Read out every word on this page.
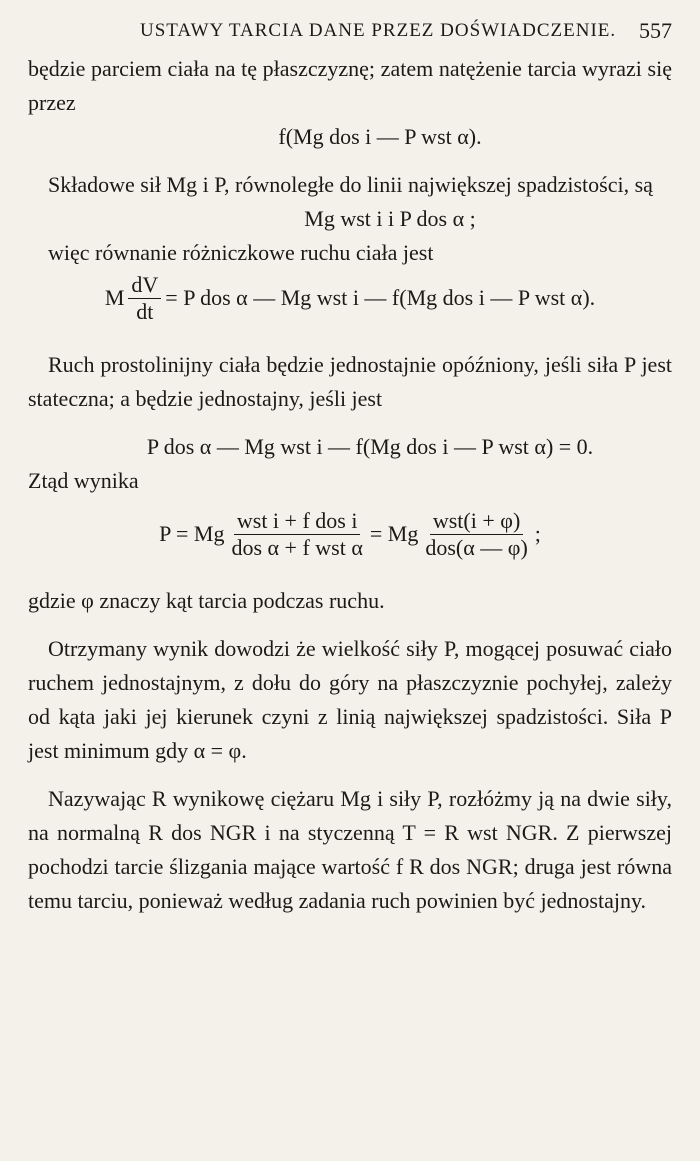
USTAWY TARCIA DANE PRZEZ DOŚWIADCZENIE. 557

będzie parciem ciała na tę płaszczyznę; zatem natężenie tarcia wyrazi się przez

f(Mg dos i — P wst α).

Składowe sił Mg i P, równoległe do linii największej spadzistości, są

Mg wst i i P dos α ;

więc równanie różniczkowe ruchu ciała jest

M $\frac{dV}{dt} = P$ dos α — Mg wst i — f(Mg dos i — P wst α).

Ruch prostolinijny ciała będzie jednostajnie opóźniony, jeśli siła P jest stateczna; a będzie jednostajny, jeśli jest

P dos α — Mg wst i — f(Mg dos i — P wst α) = 0.

Ztąd wynika

P = Mg $\frac{\text{wst i + f dos i}}{\text{dos α + f wst α}} = Mg \frac{\text{wst(i + φ)}}{\text{dos(α — φ)}}$ ;

gdzie φ znaczy kąt tarcia podczas ruchu.

Otrzymany wynik dowodzi że wielkość siły P, mogącej posuwać ciało ruchem jednostajnym, z dołu do góry na płaszczyznie pochyłej, zależy od kąta jaki jej kierunek czyni z linią największej spadzistości. Siła P jest minimum gdy α = φ.

Nazywając R wynikowę ciężaru Mg i siły P, rozłóżmy ją na dwie siły, na normalną R dos NGR i na styczenną T = R wst NGR. Z pierwszej pochodzi tarcie ślizgania mające wartość f R dos NGR; druga jest równa temu tarciu, ponieważ według zadania ruch powinien być jednostajny.
